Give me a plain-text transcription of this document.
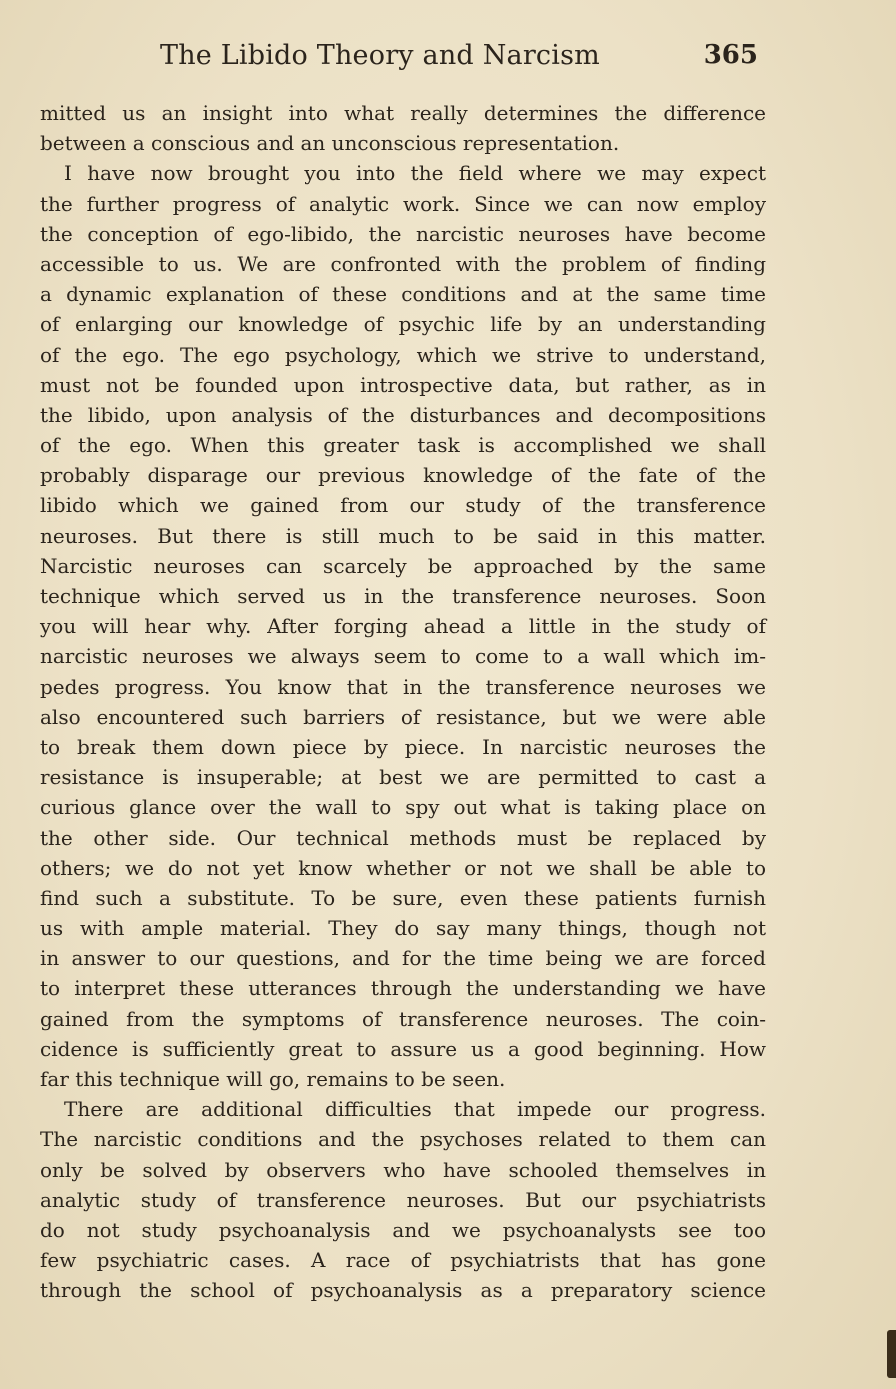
The Libido Theory and Narcism	365

mitted us an insight into what really determines the difference
between a conscious and an unconscious representation.

I have now brought you into the field where we may expect
the further progress of analytic work. Since we can now employ
the conception of ego-libido, the narcistic neuroses have become
accessible to us. We are confronted with the problem of finding
a dynamic explanation of these conditions and at the same time
of enlarging our knowledge of psychic life by an understanding
of the ego. The ego psychology, which we strive to understand,
must not be founded upon introspective data, but rather, as in
the libido, upon analysis of the disturbances and decompositions
of the ego. When this greater task is accomplished we shall
probably disparage our previous knowledge of the fate of the
libido which we gained from our study of the transference
neuroses. But there is still much to be said in this matter.
Narcistic neuroses can scarcely be approached by the same
technique which served us in the transference neuroses. Soon
you will hear why. After forging ahead a little in the study of
narcistic neuroses we always seem to come to a wall which im-
pedes progress. You know that in the transference neuroses we
also encountered such barriers of resistance, but we were able
to break them down piece by piece. In narcistic neuroses the
resistance is insuperable; at best we are permitted to cast a
curious glance over the wall to spy out what is taking place on
the other side. Our technical methods must be replaced by
others; we do not yet know whether or not we shall be able to
find such a substitute. To be sure, even these patients furnish
us with ample material. They do say many things, though not
in answer to our questions, and for the time being we are forced
to interpret these utterances through the understanding we have
gained from the symptoms of transference neuroses. The coin-
cidence is sufficiently great to assure us a good beginning. How
far this technique will go, remains to be seen.

There are additional difficulties that impede our progress.
The narcistic conditions and the psychoses related to them can
only be solved by observers who have schooled themselves in
analytic study of transference neuroses. But our psychiatrists
do not study psychoanalysis and we psychoanalysts see too
few psychiatric cases. A race of psychiatrists that has gone
through the school of psychoanalysis as a preparatory science
